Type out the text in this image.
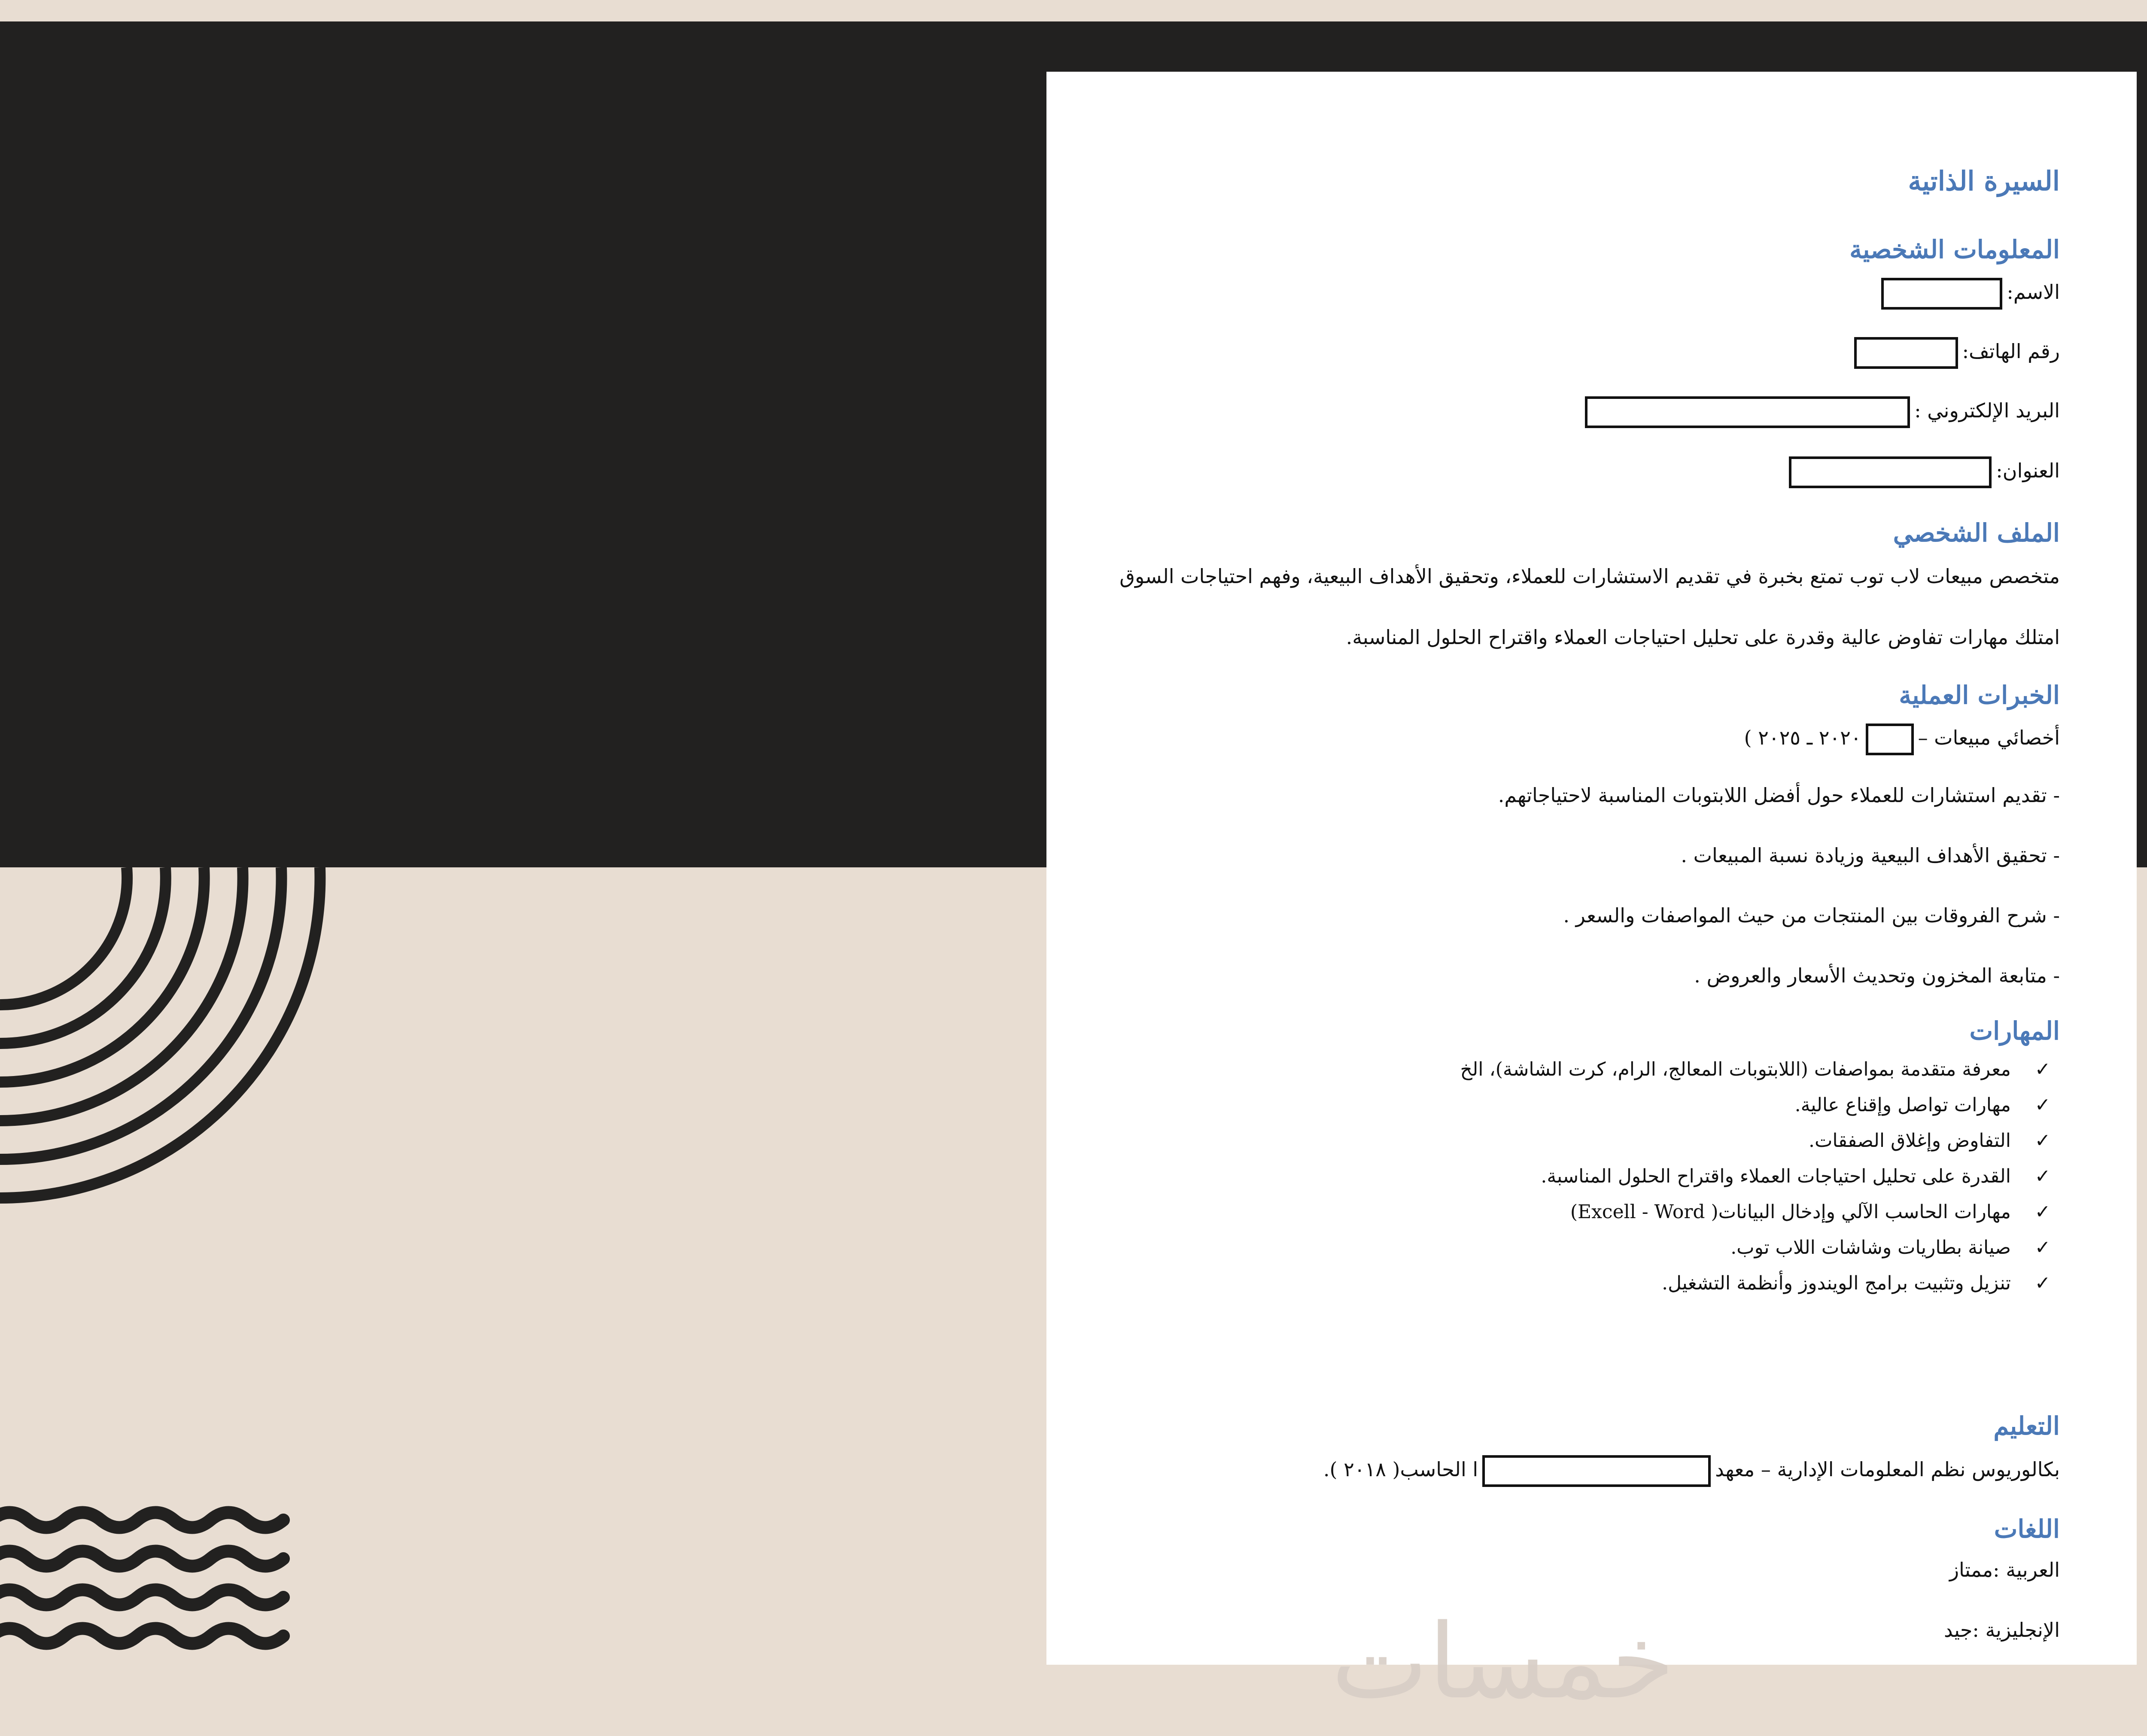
السيرة الذاتية
المعلومات الشخصية
الاسم:
رقم الهاتف:
البريد الإلكتروني :
العنوان:
الملف الشخصي
متخصص مبيعات لاب توب تمتع بخبرة في تقديم الاستشارات للعملاء، وتحقيق الأهداف البيعية، وفهم احتياجات السوق
امتلك مهارات تفاوض عالية وقدرة على تحليل احتياجات العملاء واقتراح الحلول المناسبة.
الخبرات العملية
أخصائي مبيعات –٢٠٢٠ ـ ٢٠٢٥ )
- تقديم استشارات للعملاء حول أفضل اللابتوبات المناسبة لاحتياجاتهم.
- تحقيق الأهداف البيعية وزيادة نسبة المبيعات .
- شرح الفروقات بين المنتجات من حيث المواصفات والسعر .
- متابعة المخزون وتحديث الأسعار والعروض .
المهارات
✓معرفة متقدمة بمواصفات (اللابتوبات المعالج، الرام، كرت الشاشة)، الخ
✓مهارات تواصل وإقناع عالية.
✓التفاوض وإغلاق الصفقات.
✓القدرة على تحليل احتياجات العملاء واقتراح الحلول المناسبة.
✓مهارات الحاسب الآلي وإدخال البيانات( Excell - Word)
✓صيانة بطاريات وشاشات اللاب توب.
✓تنزيل وتثبيت برامج الويندوز وأنظمة التشغيل.
التعليم
بكالوريوس نظم المعلومات الإدارية – معهدا الحاسب( ٢٠١٨ ).
اللغات
العربية :ممتاز
الإنجليزية :جيد
خمسات
